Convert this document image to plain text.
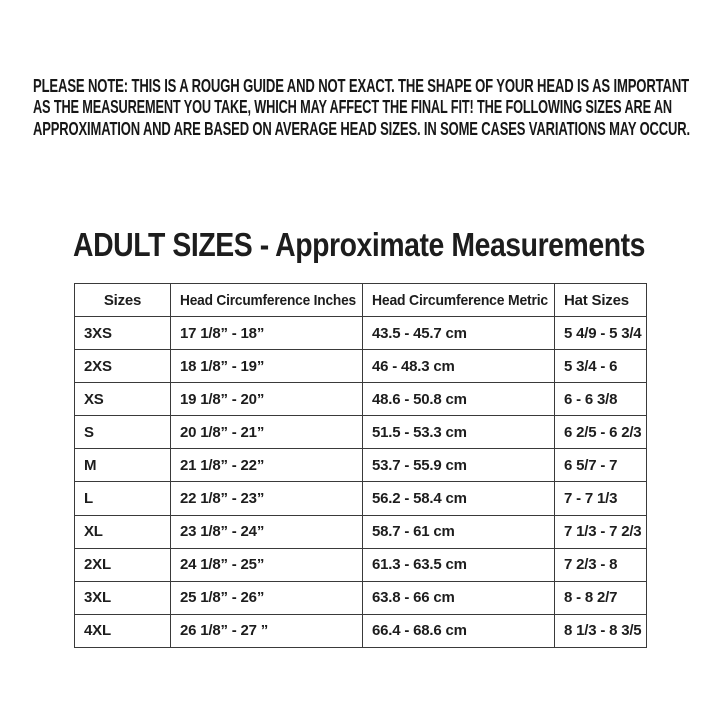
PLEASE NOTE: THIS IS A ROUGH GUIDE AND NOT EXACT. THE SHAPE OF YOUR HEAD IS AS IMPORTANT
AS THE MEASUREMENT YOU TAKE, WHICH MAY AFFECT THE FINAL FIT! THE FOLLOWING SIZES ARE AN
APPROXIMATION AND ARE BASED ON AVERAGE HEAD SIZES. IN SOME CASES VARIATIONS MAY OCCUR.
ADULT SIZES - Approximate Measurements
Sizes	Head Circumference Inches	Head Circumference Metric	Hat Sizes
3XS	17 1/8” - 18”	43.5 - 45.7 cm	5 4/9 - 5 3/4
2XS	18 1/8” - 19”	46 - 48.3 cm	5 3/4 - 6
XS	19 1/8” - 20”	48.6 - 50.8 cm	6 - 6 3/8
S	20 1/8” - 21”	51.5 - 53.3 cm	6 2/5 - 6 2/3
M	21 1/8” - 22”	53.7 - 55.9 cm	6 5/7 - 7
L	22 1/8” - 23”	56.2 - 58.4 cm	7 - 7 1/3
XL	23 1/8” - 24”	58.7 - 61 cm	7 1/3 - 7 2/3
2XL	24 1/8” - 25”	61.3 - 63.5 cm	7 2/3 - 8
3XL	25 1/8” - 26”	63.8 - 66 cm	8 - 8 2/7
4XL	26 1/8” - 27 ”	66.4 - 68.6 cm	8 1/3 - 8 3/5
